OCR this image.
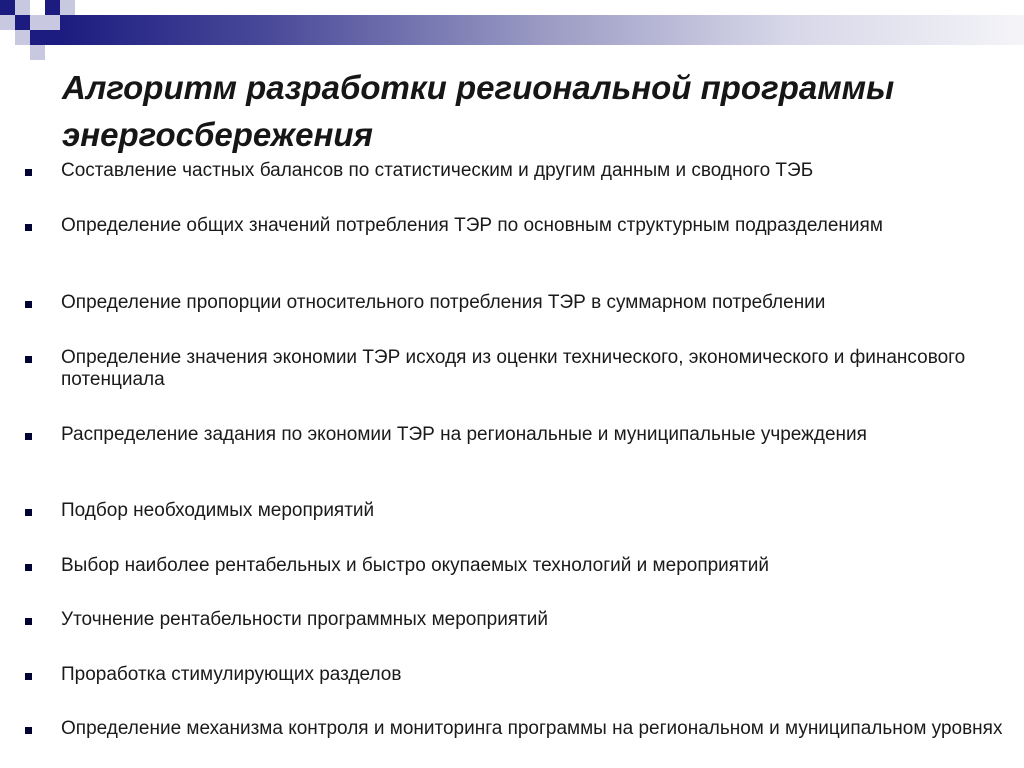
Алгоритм разработки региональной программы энергосбережения
Составление частных балансов по статистическим и другим данным и сводного ТЭБ
Определение общих значений потребления ТЭР по основным структурным подразделениям
Определение пропорции относительного потребления ТЭР в суммарном потреблении
Определение значения экономии ТЭР исходя из оценки технического, экономического и финансового потенциала
Распределение задания по экономии ТЭР на региональные и муниципальные учреждения
Подбор необходимых мероприятий
Выбор наиболее рентабельных и быстро окупаемых технологий и мероприятий
Уточнение рентабельности программных мероприятий
Проработка стимулирующих разделов
Определение механизма контроля и мониторинга программы на региональном и муниципальном уровнях
